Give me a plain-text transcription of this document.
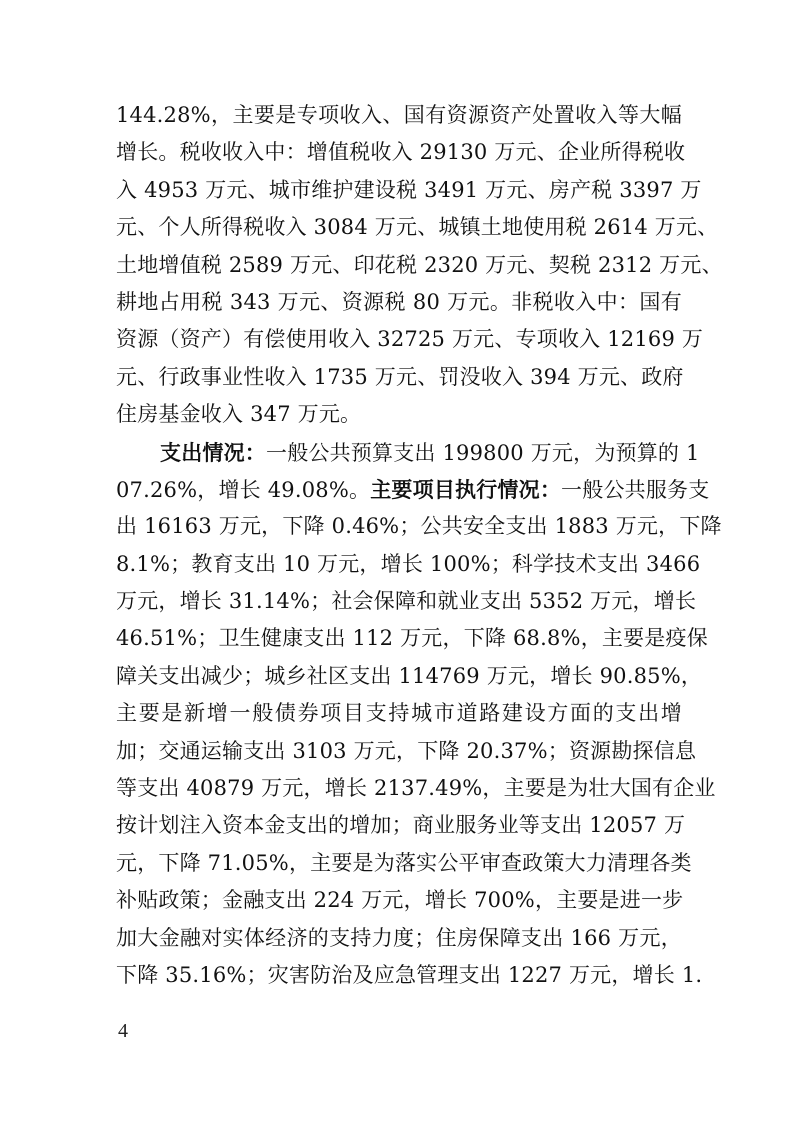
144.28%，主要是专项收入、国有资源资产处置收入等大幅
增长。税收收入中：增值税收入 29130 万元、企业所得税收
入 4953 万元、城市维护建设税 3491 万元、房产税 3397 万
元、个人所得税收入 3084 万元、城镇土地使用税 2614 万元、
土地增值税 2589 万元、印花税 2320 万元、契税 2312 万元、
耕地占用税 343 万元、资源税 80 万元。非税收入中：国有
资源（资产）有偿使用收入 32725 万元、专项收入 12169 万
元、行政事业性收入 1735 万元、罚没收入 394 万元、政府
住房基金收入 347 万元。
支出情况：一般公共预算支出 199800 万元，为预算的 1
07.26%，增长 49.08%。主要项目执行情况：一般公共服务支
出 16163 万元，下降 0.46%；公共安全支出 1883 万元，下降
8.1%；教育支出 10 万元，增长 100%；科学技术支出 3466
万元，增长 31.14%；社会保障和就业支出 5352 万元，增长
46.51%；卫生健康支出 112 万元，下降 68.8%，主要是疫保
障关支出减少；城乡社区支出 114769 万元，增长 90.85%，
主要是新增一般债券项目支持城市道路建设方面的支出增
加；交通运输支出 3103 万元，下降 20.37%；资源勘探信息
等支出 40879 万元，增长 2137.49%，主要是为壮大国有企业
按计划注入资本金支出的增加；商业服务业等支出 12057 万
元，下降 71.05%，主要是为落实公平审查政策大力清理各类
补贴政策；金融支出 224 万元，增长 700%，主要是进一步
加大金融对实体经济的支持力度；住房保障支出 166 万元，
下降 35.16%；灾害防治及应急管理支出 1227 万元，增长 1.
4
